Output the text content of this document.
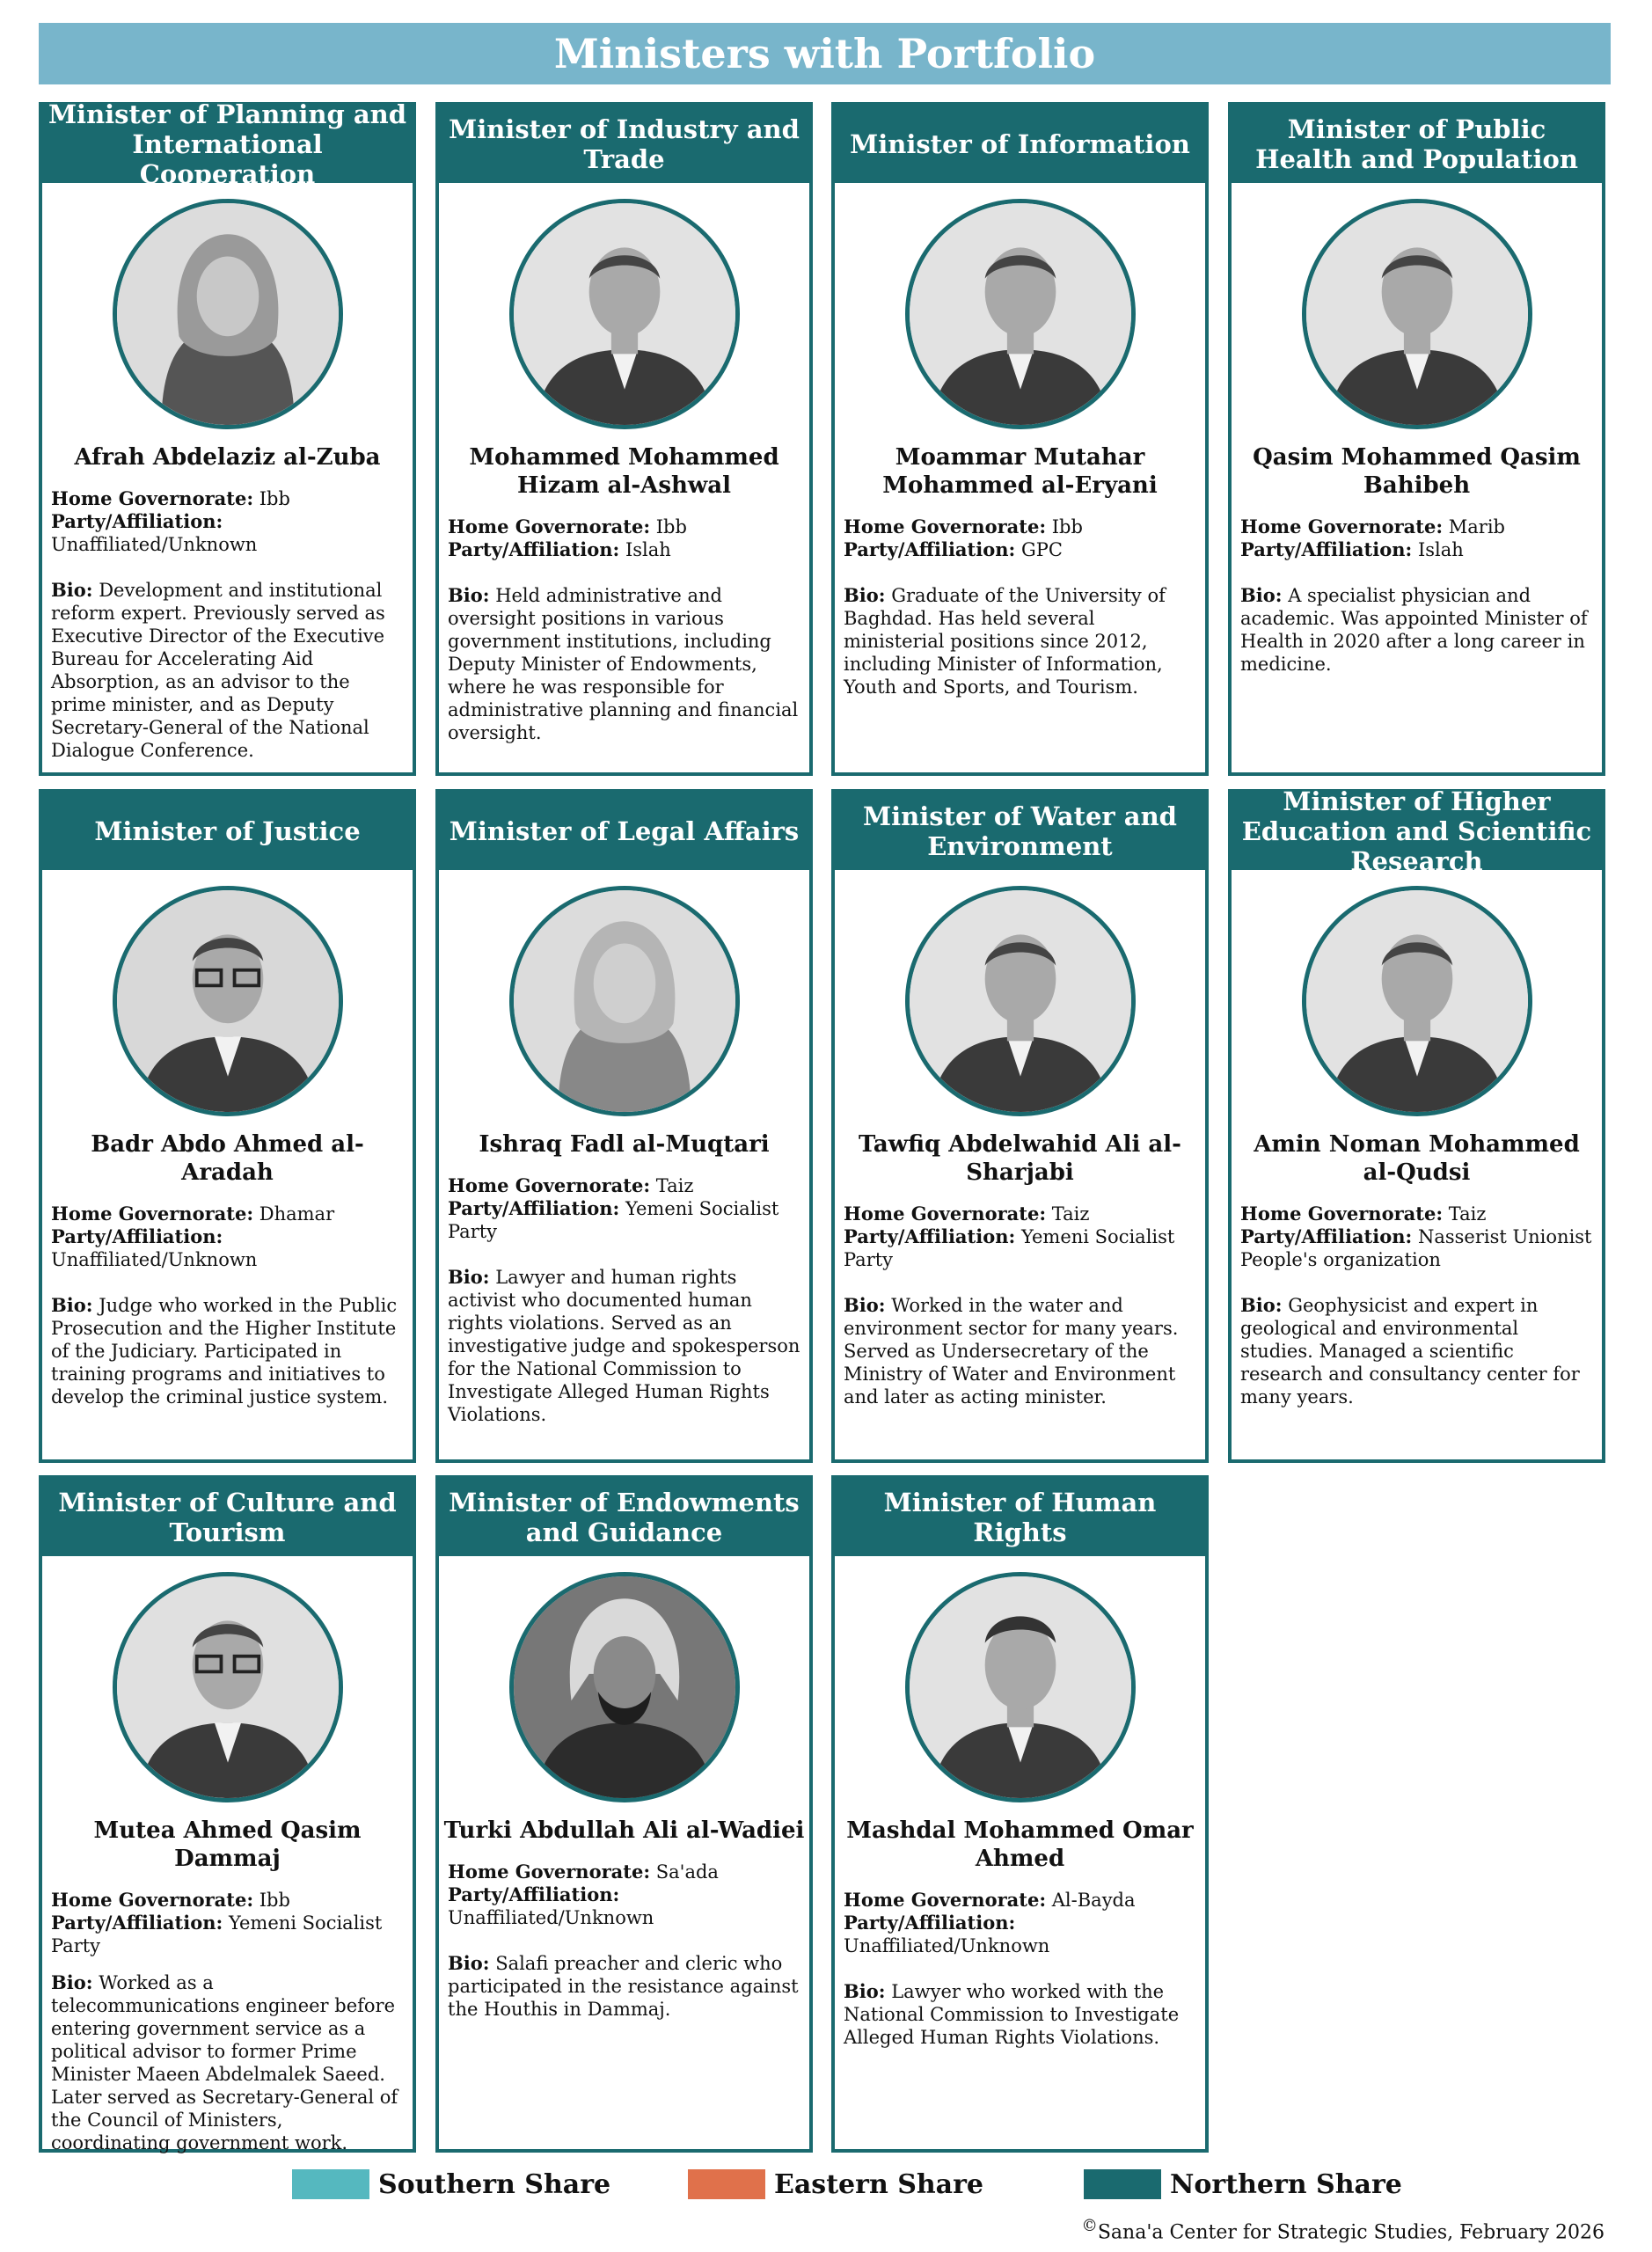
Ministers with Portfolio
Minister of Planning and International Cooperation
Afrah Abdelaziz al-Zuba
Home Governorate: Ibb
Party/Affiliation: Unaffiliated/Unknown
Bio: Development and institutional reform expert. Previously served as Executive Director of the Executive Bureau for Accelerating Aid Absorption, as an advisor to the prime minister, and as Deputy Secretary-General of the National Dialogue Conference.
Minister of Industry and Trade
Mohammed Mohammed Hizam al-Ashwal
Home Governorate: Ibb
Party/Affiliation: Islah
Bio: Held administrative and oversight positions in various government institutions, including Deputy Minister of Endowments, where he was responsible for administrative planning and financial oversight.
Minister of Information
Moammar Mutahar Mohammed al-Eryani
Home Governorate: Ibb
Party/Affiliation: GPC
Bio: Graduate of the University of Baghdad. Has held several ministerial positions since 2012, including Minister of Information, Youth and Sports, and Tourism.
Minister of Public Health and Population
Qasim Mohammed Qasim Bahibeh
Home Governorate: Marib
Party/Affiliation: Islah
Bio: A specialist physician and academic. Was appointed Minister of Health in 2020 after a long career in medicine.
Minister of Justice
Badr Abdo Ahmed al-Aradah
Home Governorate: Dhamar
Party/Affiliation: Unaffiliated/Unknown
Bio: Judge who worked in the Public Prosecution and the Higher Institute of the Judiciary. Participated in training programs and initiatives to develop the criminal justice system.
Minister of Legal Affairs
Ishraq Fadl al-Muqtari
Home Governorate: Taiz
Party/Affiliation: Yemeni Socialist Party
Bio: Lawyer and human rights activist who documented human rights violations. Served as an investigative judge and spokesperson for the National Commission to Investigate Alleged Human Rights Violations.
Minister of Water and Environment
Tawfiq Abdelwahid Ali al-Sharjabi
Home Governorate: Taiz
Party/Affiliation: Yemeni Socialist Party
Bio: Worked in the water and environment sector for many years. Served as Undersecretary of the Ministry of Water and Environment and later as acting minister.
Minister of Higher Education and Scientific Research
Amin Noman Mohammed al-Qudsi
Home Governorate: Taiz
Party/Affiliation: Nasserist Unionist People's organization
Bio: Geophysicist and expert in geological and environmental studies. Managed a scientific research and consultancy center for many years.
Minister of Culture and Tourism
Mutea Ahmed Qasim Dammaj
Home Governorate: Ibb
Party/Affiliation: Yemeni Socialist Party
Bio: Worked as a telecommunications engineer before entering government service as a political advisor to former Prime Minister Maeen Abdelmalek Saeed. Later served as Secretary-General of the Council of Ministers, coordinating government work.
Minister of Endowments and Guidance
Turki Abdullah Ali al-Wadiei
Home Governorate: Sa'ada
Party/Affiliation: Unaffiliated/Unknown
Bio: Salafi preacher and cleric who participated in the resistance against the Houthis in Dammaj.
Minister of Human Rights
Mashdal Mohammed Omar Ahmed
Home Governorate: Al-Bayda
Party/Affiliation: Unaffiliated/Unknown
Bio: Lawyer who worked with the National Commission to Investigate Alleged Human Rights Violations.
Southern Share	Eastern Share	Northern Share
©Sana'a Center for Strategic Studies, February 2026
